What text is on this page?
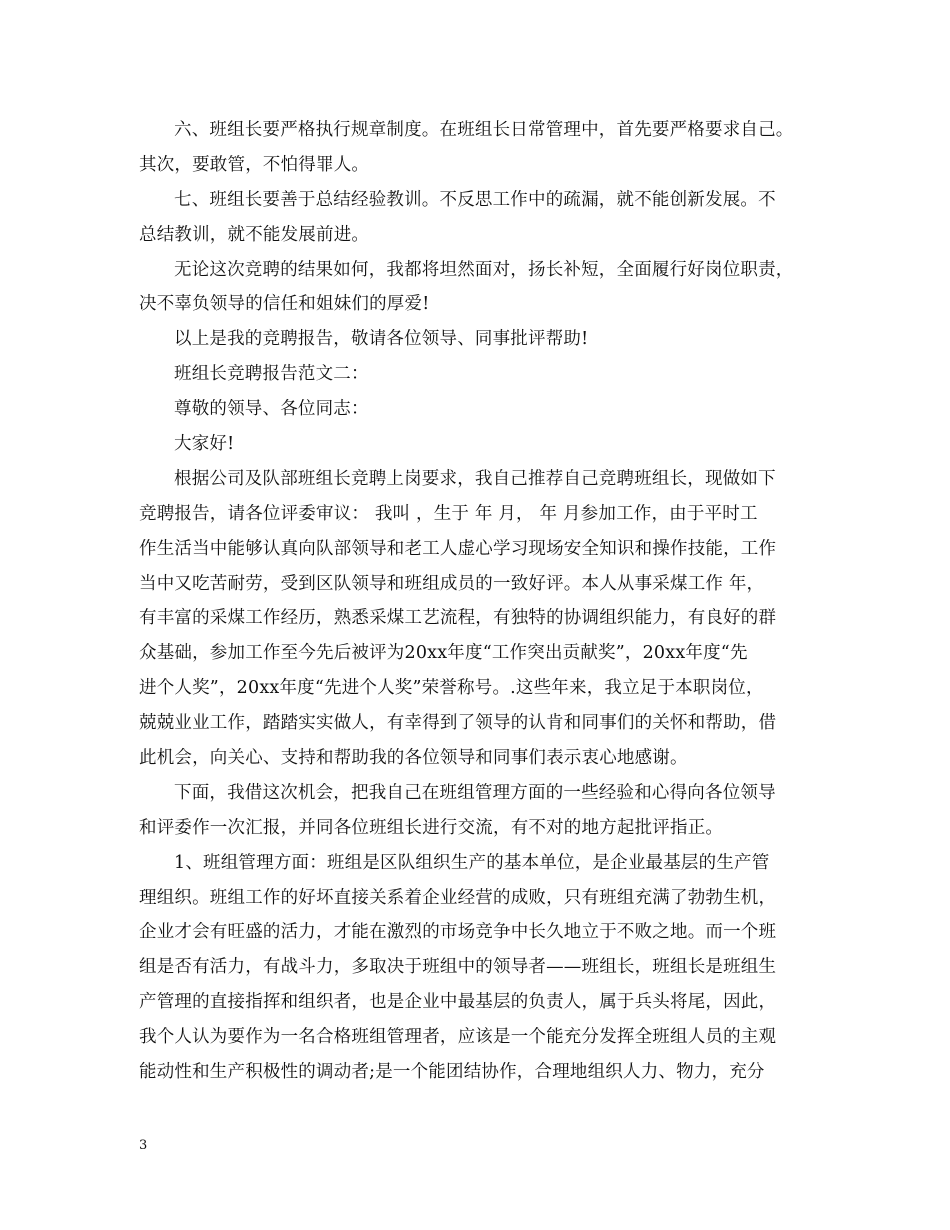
六、班组长要严格执行规章制度。在班组长日常管理中，首先要严格要求自己。
其次，要敢管，不怕得罪人。
七、班组长要善于总结经验教训。不反思工作中的疏漏，就不能创新发展。不
总结教训，就不能发展前进。
无论这次竞聘的结果如何，我都将坦然面对，扬长补短，全面履行好岗位职责，
决不辜负领导的信任和姐妹们的厚爱!
以上是我的竞聘报告，敬请各位领导、同事批评帮助!
班组长竞聘报告范文二：
尊敬的领导、各位同志：
大家好!
根据公司及队部班组长竞聘上岗要求，我自己推荐自己竞聘班组长，现做如下
竞聘报告，请各位评委审议： 我叫 ，生于 年 月， 年 月参加工作，由于平时工
作生活当中能够认真向队部领导和老工人虚心学习现场安全知识和操作技能，工作
当中又吃苦耐劳，受到区队领导和班组成员的一致好评。本人从事采煤工作 年，
有丰富的采煤工作经历，熟悉采煤工艺流程，有独特的协调组织能力，有良好的群
众基础，参加工作至今先后被评为20xx年度“工作突出贡献奖”，20xx年度“先
进个人奖”，20xx年度“先进个人奖”荣誉称号。.这些年来，我立足于本职岗位，
兢兢业业工作，踏踏实实做人，有幸得到了领导的认肯和同事们的关怀和帮助，借
此机会，向关心、支持和帮助我的各位领导和同事们表示衷心地感谢。
下面，我借这次机会，把我自己在班组管理方面的一些经验和心得向各位领导
和评委作一次汇报，并同各位班组长进行交流，有不对的地方起批评指正。
1、班组管理方面：班组是区队组织生产的基本单位，是企业最基层的生产管
理组织。班组工作的好坏直接关系着企业经营的成败，只有班组充满了勃勃生机，
企业才会有旺盛的活力，才能在激烈的市场竞争中长久地立于不败之地。而一个班
组是否有活力，有战斗力，多取决于班组中的领导者——班组长，班组长是班组生
产管理的直接指挥和组织者，也是企业中最基层的负责人，属于兵头将尾，因此，
我个人认为要作为一名合格班组管理者，应该是一个能充分发挥全班组人员的主观
能动性和生产积极性的调动者;是一个能团结协作，合理地组织人力、物力，充分
3
